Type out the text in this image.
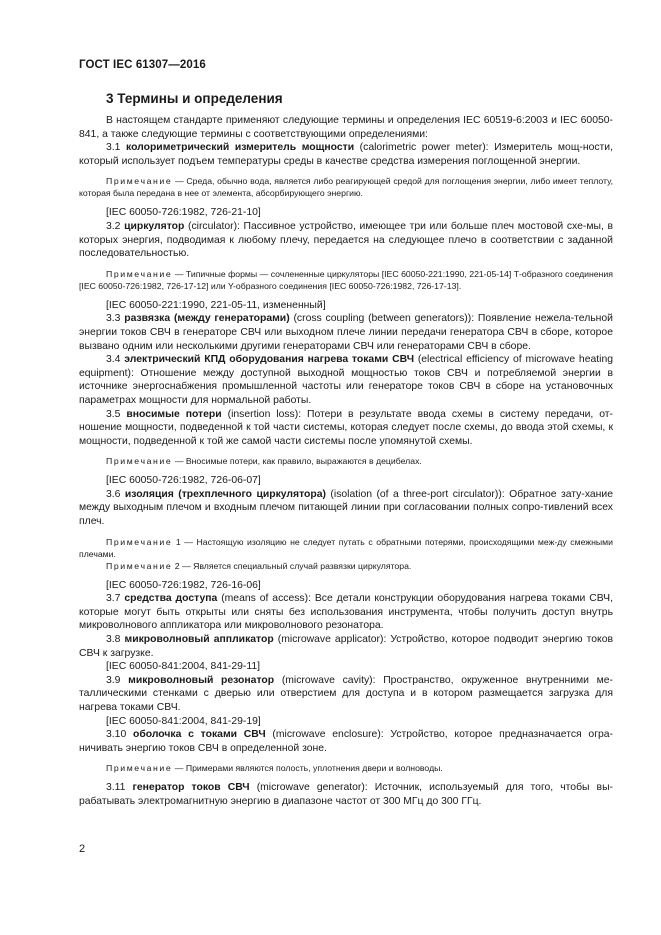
ГОСТ IEC 61307—2016
3 Термины и определения

В настоящем стандарте применяют следующие термины и определения IEC 60519-6:2003 и IEC 60050-841, а также следующие термины с соответствующими определениями:

3.1 колориметрический измеритель мощности (calorimetric power meter): Измеритель мощ-ности, который использует подъем температуры среды в качестве средства измерения поглощенной энергии.

Примечание — Среда, обычно вода, является либо реагирующей средой для поглощения энергии, либо имеет теплоту, которая была передана в нее от элемента, абсорбирующего энергию.

[IEC 60050-726:1982, 726-21-10]

3.2 циркулятор (circulator): Пассивное устройство, имеющее три или больше плеч мостовой схе-мы, в которых энергия, подводимая к любому плечу, передается на следующее плечо в соответствии с заданной последовательностью.

Примечание — Типичные формы — сочлененные циркуляторы [IEC 60050-221:1990, 221-05-14] Т-образного соединения [IEC 60050-726:1982, 726-17-12] или Y-образного соединения [IEC 60050-726:1982, 726-17-13].

[IEC 60050-221:1990, 221-05-11, измененный]

3.3 развязка (между генераторами) (cross coupling (between generators)): Появление нежела-тельной энергии токов СВЧ в генераторе СВЧ или выходном плече линии передачи генератора СВЧ в сборе, которое вызвано одним или несколькими другими генераторами СВЧ или генераторами СВЧ в сборе.

3.4 электрический КПД оборудования нагрева токами СВЧ (electrical efficiency of microwave heating equipment): Отношение между доступной выходной мощностью токов СВЧ и потребляемой энергии в источнике энергоснабжения промышленной частоты или генераторе токов СВЧ в сборе на установочных параметрах мощности для нормальной работы.

3.5 вносимые потери (insertion loss): Потери в результате ввода схемы в систему передачи, от-ношение мощности, подведенной к той части системы, которая следует после схемы, до ввода этой схемы, к мощности, подведенной к той же самой части системы после упомянутой схемы.

Примечание — Вносимые потери, как правило, выражаются в децибелах.

[IEC 60050-726:1982, 726-06-07]

3.6 изоляция (трехплечного циркулятора) (isolation (of a three-port circulator)): Обратное зату-хание между выходным плечом и входным плечом питающей линии при согласовании полных сопро-тивлений всех плеч.

Примечание 1 — Настоящую изоляцию не следует путать с обратными потерями, происходящими меж-ду смежными плечами.

Примечание 2 — Является специальный случай развязки циркулятора.

[IEC 60050-726:1982, 726-16-06]

3.7 средства доступа (means of access): Все детали конструкции оборудования нагрева токами СВЧ, которые могут быть открыты или сняты без использования инструмента, чтобы получить доступ внутрь микроволнового аппликатора или микроволнового резонатора.

3.8 микроволновый аппликатор (microwave applicator): Устройство, которое подводит энергию токов СВЧ к загрузке.

[IEC 60050-841:2004, 841-29-11]

3.9 микроволновый резонатор (microwave cavity): Пространство, окруженное внутренними ме-таллическими стенками с дверью или отверстием для доступа и в котором размещается загрузка для нагрева токами СВЧ.

[IEC 60050-841:2004, 841-29-19]

3.10 оболочка с токами СВЧ (microwave enclosure): Устройство, которое предназначается огра-ничивать энергию токов СВЧ в определенной зоне.

Примечание — Примерами являются полость, уплотнения двери и волноводы.

3.11 генератор токов СВЧ (microwave generator): Источник, используемый для того, чтобы вы-рабатывать электромагнитную энергию в диапазоне частот от 300 МГц до 300 ГГц.

2
